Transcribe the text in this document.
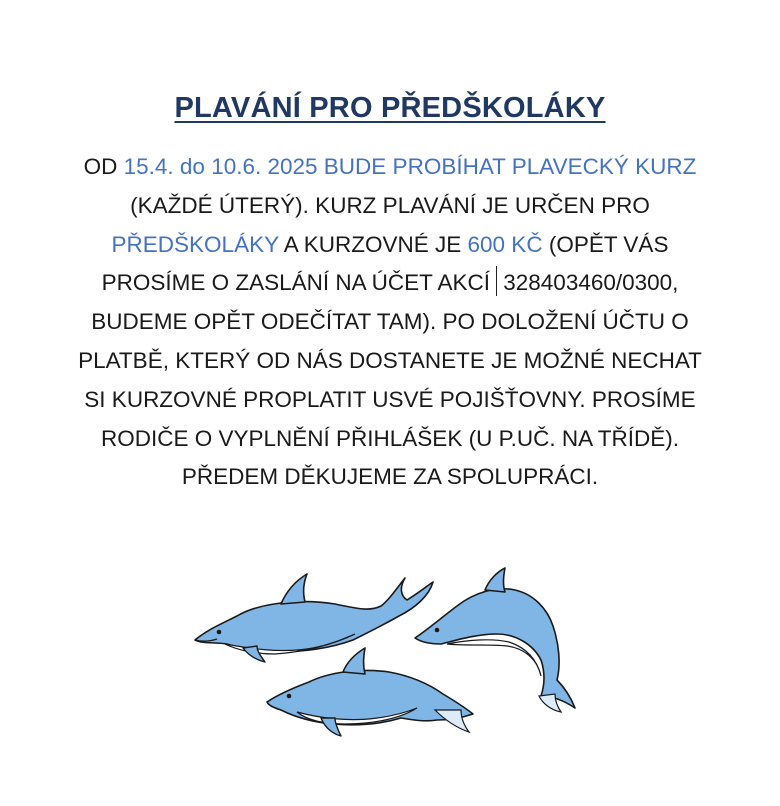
PLAVÁNÍ PRO PŘEDŠKOLÁKY
OD 15.4. do 10.6. 2025 BUDE PROBÍHAT PLAVECKÝ KURZ (KAŽDÉ ÚTERÝ). KURZ PLAVÁNÍ JE URČEN PRO PŘEDŠKOLÁKY A KURZOVNÉ JE 600 KČ (OPĚT VÁS PROSÍME O ZASLÁNÍ NA ÚČET AKCÍ 328403460/0300, BUDEME OPĚT ODEČÍTAT TAM). PO DOLOŽENÍ ÚČTU O PLATBĚ, KTERÝ OD NÁS DOSTANETE JE MOŽNÉ NECHAT SI KURZOVNÉ PROPLATIT USVÉ POJIŠŤOVNY. PROSÍME RODIČE O VYPLNĚNÍ PŘIHLÁŠEK (U P.UČ. NA TŘÍDĚ). PŘEDEM DĚKUJEME ZA SPOLUPRÁCI.
